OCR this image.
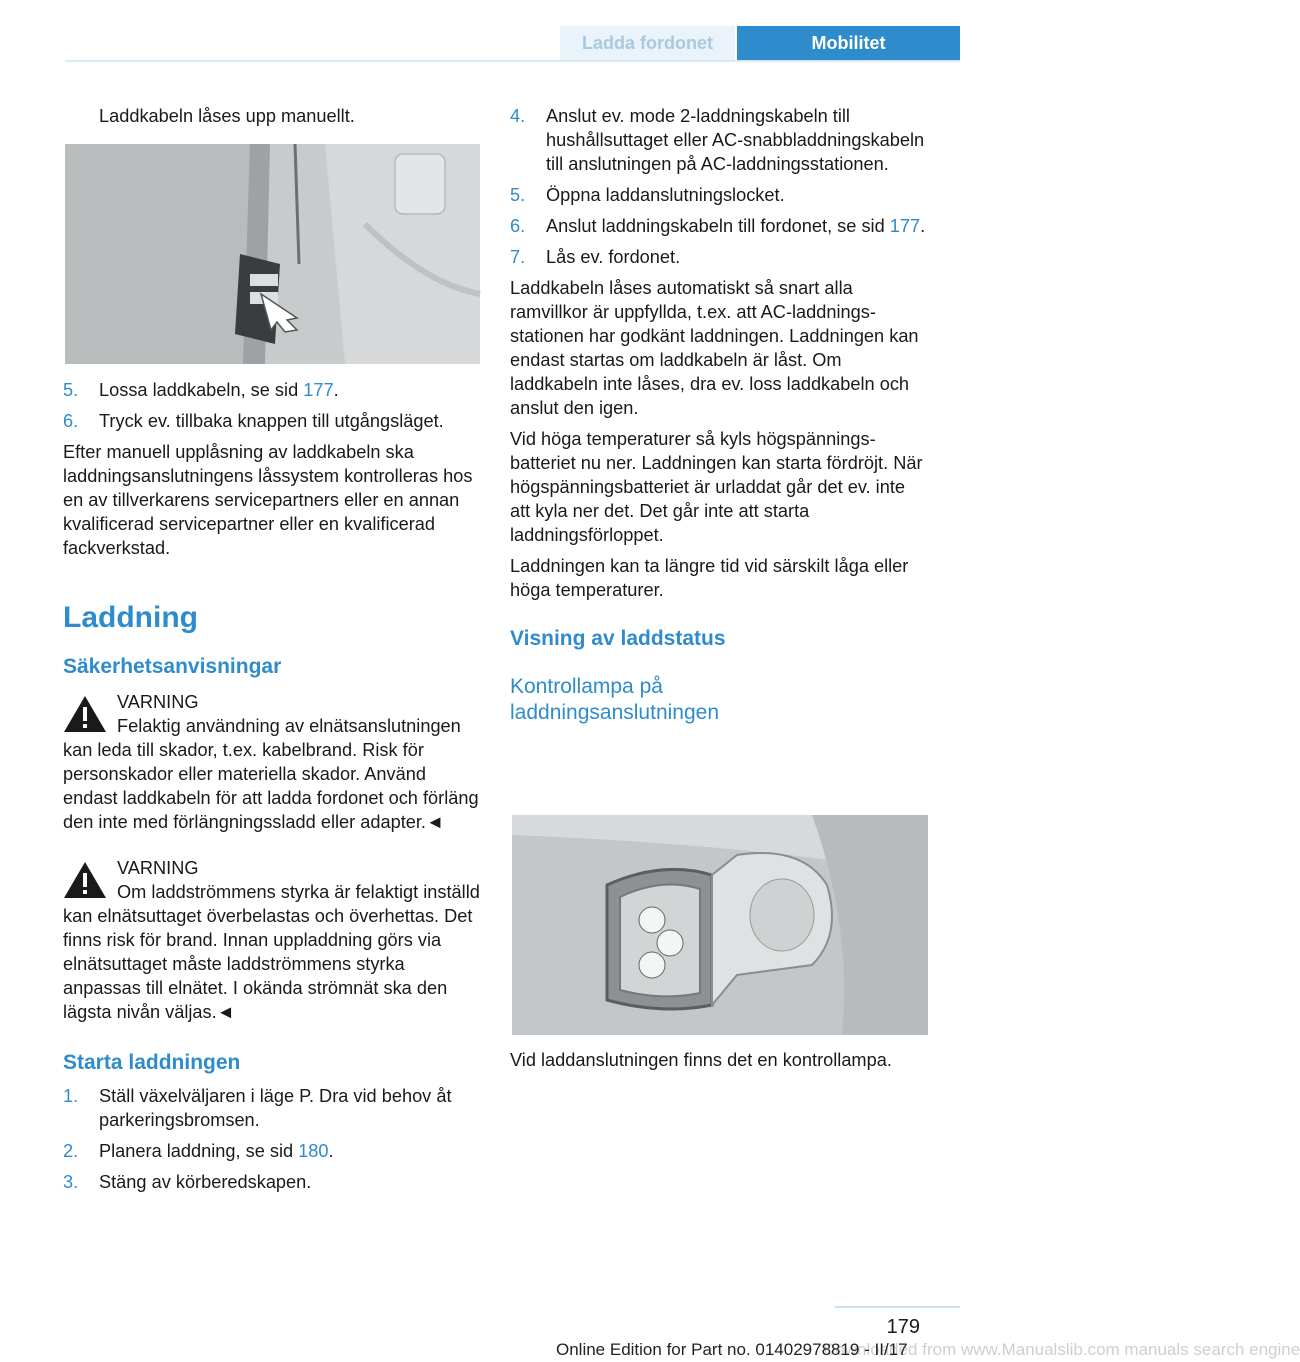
Ladda fordonet	Mobilitet

Laddkabeln låses upp manuellt.

5. Lossa laddkabeln, se sid 177.
6. Tryck ev. tillbaka knappen till utgångsläget.

Efter manuell upplåsning av laddkabeln ska laddningsanslutningens låssystem kontrolleras hos en av tillverkarens servicepartners eller en annan kvalificerad servicepartner eller en kvalificerad fackverkstad.

Laddning
Säkerhetsanvisningar

VARNING

Felaktig användning av elnätsanslutningen kan leda till skador, t.ex. kabelbrand. Risk för personskador eller materiella skador. Använd endast laddkabeln för att ladda fordonet och förläng den inte med förlängningssladd eller adapter.◄

VARNING

Om laddströmmens styrka är felaktigt inställd kan elnätsuttaget överbelastas och överhettas. Det finns risk för brand. Innan uppladdning görs via elnätsuttaget måste laddströmmens styrka anpassas till elnätet. I okända strömnät ska den lägsta nivån väljas.◄

Starta laddningen
1. Ställ växelväljaren i läge P. Dra vid behov åt parkeringsbromsen.
2. Planera laddning, se sid 180.
3. Stäng av körberedskapen.
4. Anslut ev. mode 2-laddningskabeln till hushållsuttaget eller AC-snabbladdningskabeln till anslutningen på AC-laddningsstationen.
5. Öppna laddanslutningslocket.
6. Anslut laddningskabeln till fordonet, se sid 177.
7. Lås ev. fordonet.

Laddkabeln låses automatiskt så snart alla ramvillkor är uppfyllda, t.ex. att AC-laddningsstationen har godkänt laddningen. Laddningen kan endast startas om laddkabeln är låst. Om laddkabeln inte låses, dra ev. loss laddkabeln och anslut den igen.

Vid höga temperaturer så kyls högspänningsbatteriet nu ner. Laddningen kan starta fördröjt. När högspänningsbatteriet är urladdat går det ev. inte att kyla ner det. Det går inte att starta laddningsförloppet.

Laddningen kan ta längre tid vid särskilt låga eller höga temperaturer.

Visning av laddstatus
Kontrollampa på laddningsanslutningen

Vid laddanslutningen finns det en kontrollampa.

179
Downloaded from www.Manualslib.com manuals search engine
Online Edition for Part no. 01402978819 - II/17
